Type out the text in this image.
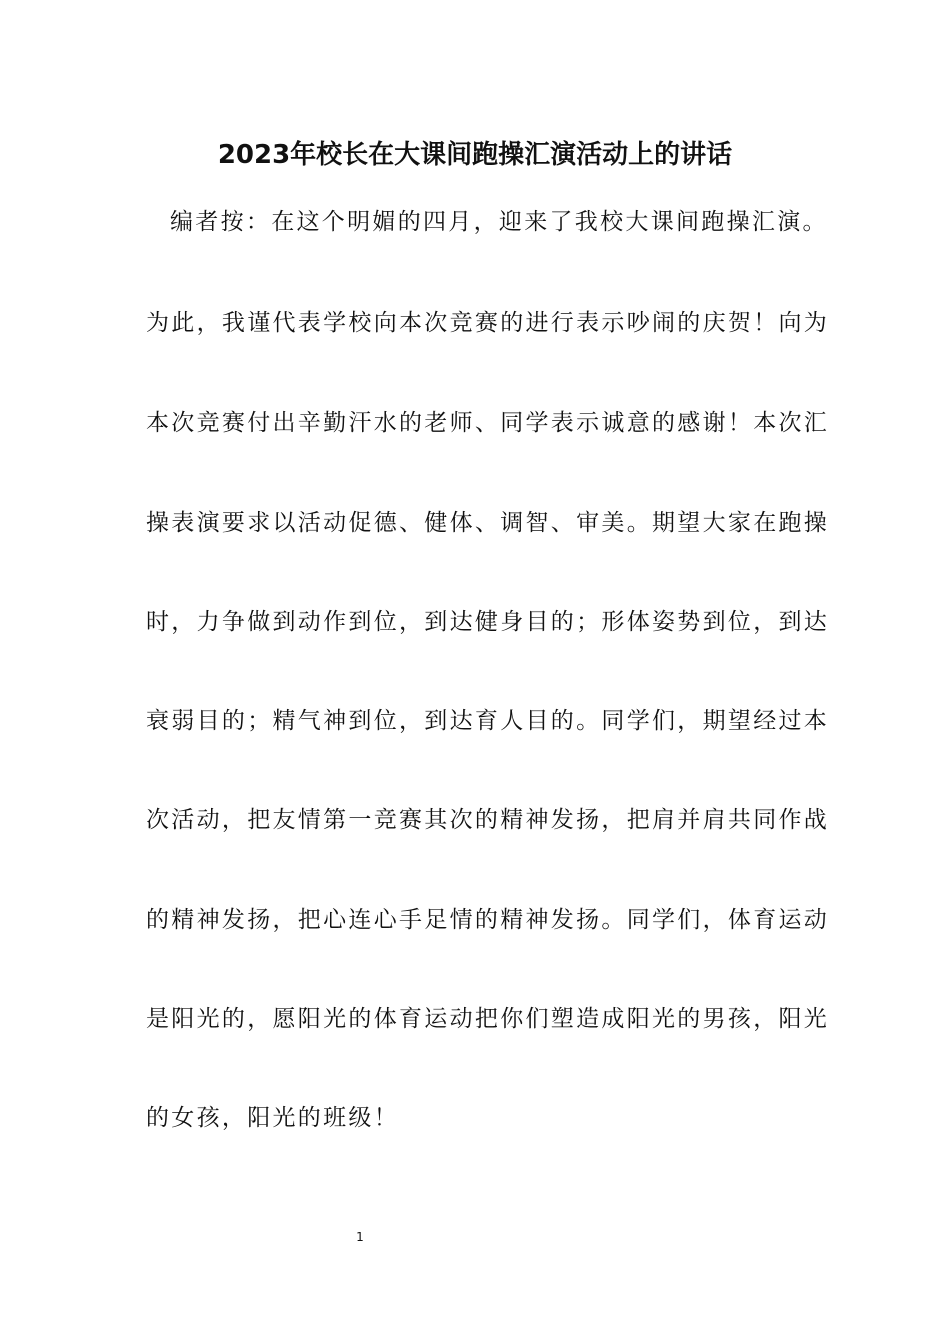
2023年校长在大课间跑操汇演活动上的讲话
编者按：在这个明媚的四月，迎来了我校大课间跑操汇演。
为此，我谨代表学校向本次竞赛的进行表示吵闹的庆贺！向为
本次竞赛付出辛勤汗水的老师、同学表示诚意的感谢！本次汇
操表演要求以活动促德、健体、调智、审美。期望大家在跑操
时，力争做到动作到位，到达健身目的；形体姿势到位，到达
衰弱目的；精气神到位，到达育人目的。同学们，期望经过本
次活动，把友情第一竞赛其次的精神发扬，把肩并肩共同作战
的精神发扬，把心连心手足情的精神发扬。同学们，体育运动
是阳光的，愿阳光的体育运动把你们塑造成阳光的男孩，阳光
的女孩，阳光的班级！
1
